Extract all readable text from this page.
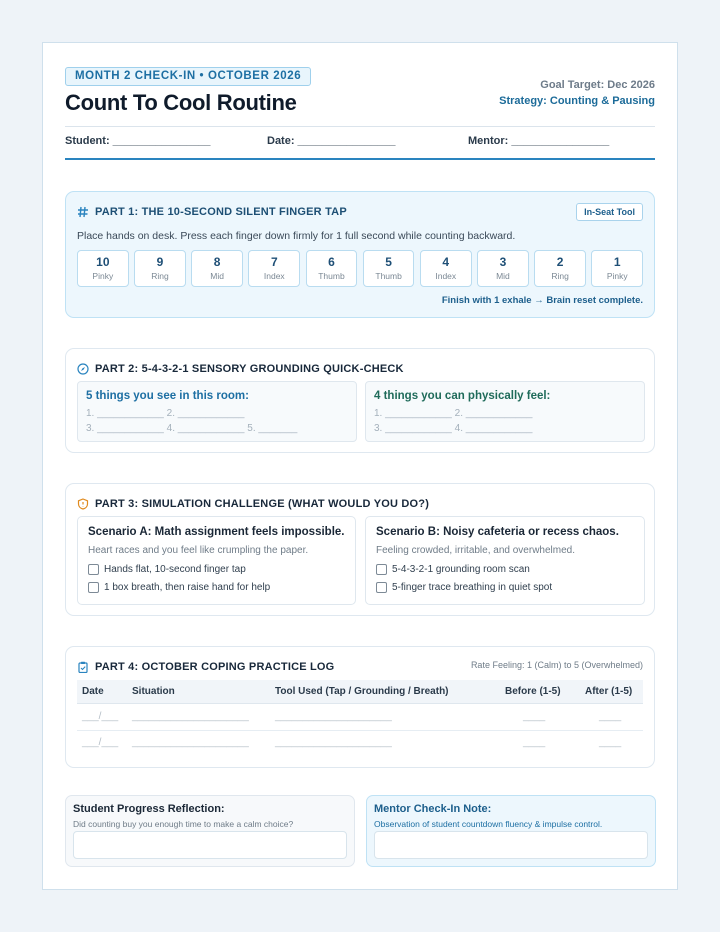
MONTH 2 CHECK-IN • OCTOBER 2026
Count To Cool Routine
Goal Target: Dec 2026
Strategy: Counting & Pausing
Student: ________________	Date: ________________	Mentor: ________________
PART 1: THE 10-SECOND SILENT FINGER TAP	In-Seat Tool
Place hands on desk. Press each finger down firmly for 1 full second while counting backward.
10
Pinky
9
Ring
8
Mid
7
Index
6
Thumb
5
Thumb
4
Index
3
Mid
2
Ring
1
Pinky
Finish with 1 exhale → Brain reset complete.
PART 2: 5-4-3-2-1 SENSORY GROUNDING QUICK-CHECK
5 things you see in this room:
1. ____________ 2. ____________
3. ____________ 4. ____________ 5. _______
4 things you can physically feel:
1. ____________ 2. ____________
3. ____________ 4. ____________
PART 3: SIMULATION CHALLENGE (WHAT WOULD YOU DO?)
Scenario A: Math assignment feels impossible.
Heart races and you feel like crumpling the paper.
Hands flat, 10-second finger tap
1 box breath, then raise hand for help
Scenario B: Noisy cafeteria or recess chaos.
Feeling crowded, irritable, and overwhelmed.
5-4-3-2-1 grounding room scan
5-finger trace breathing in quiet spot
PART 4: OCTOBER COPING PRACTICE LOG	Rate Feeling: 1 (Calm) to 5 (Overwhelmed)
Date	Situation	Tool Used (Tap / Grounding / Breath)	Before (1-5) After (1-5)
___/___ _____________________	_____________________	____	____
___/___ _____________________	_____________________	____	____
Student Progress Reflection:
Did counting buy you enough time to make a calm choice?
Mentor Check-In Note:
Observation of student countdown fluency & impulse control.
